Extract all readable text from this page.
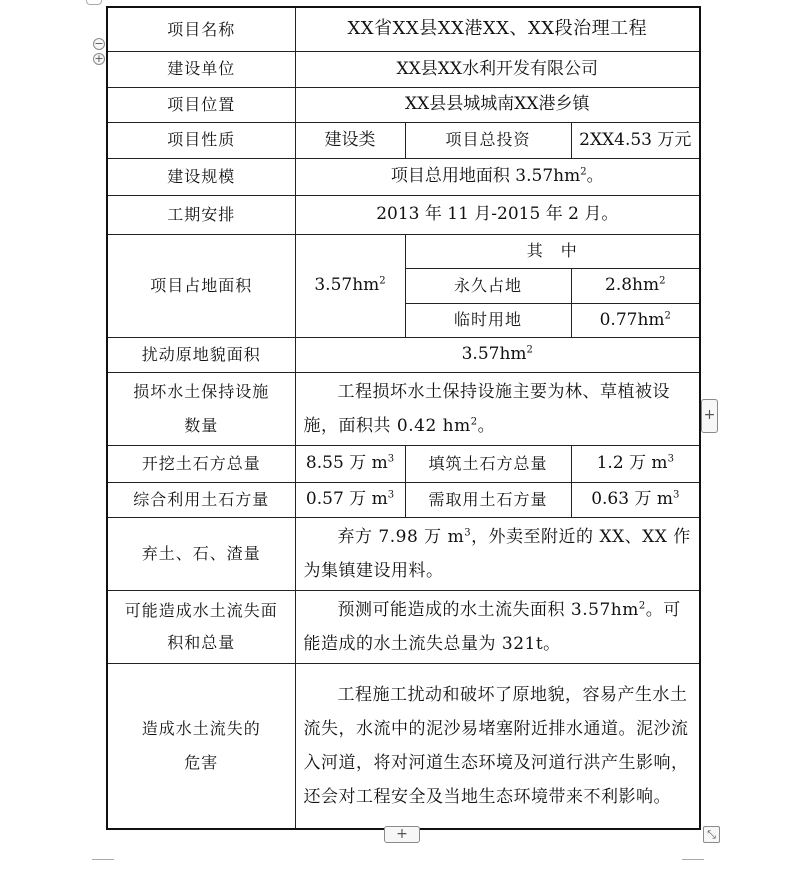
−
+
项目名称	XX省XX县XX港XX、XX段治理工程		
建设单位	XX县XX水利开发有限公司		
项目位置	XX县县城城南XX港乡镇		
项目性质	建设类	项目总投资	2XX4.53 万元
建设规模	项目总用地面积 $3.57hm^2$。		
工期安排	2013 年 11 月-2015 年 2 月。		
项目占地面积	$3.57hm^2$	其　中	
		永久占地	$2.8hm^2$
		临时用地	$0.77hm^2$
扰动原地貌面积	$3.57hm^2$
损坏水土保持设施
数量	工程损坏水土保持设施主要为林、草植被设施，面积共 0.42 $hm^2$。		
开挖土石方总量	8.55 万 $m^3$	填筑土石方总量	1.2 万 $m^3$
综合利用土石方量	0.57 万 $m^3$	需取用土石方量	0.63 万 $m^3$
弃土、石、渣量	弃方 7.98 万 $m^3$，外卖至附近的 XX、XX 作为集镇建设用料。		
可能造成水土流失面
积和总量	预测可能造成的水土流失面积 $3.57hm^2$。可能造成的水土流失总量为 321t。		
造成水土流失的
危害	工程施工扰动和破坏了原地貌，容易产生水土流失，水流中的泥沙易堵塞附近排水通道。泥沙流入河道，将对河道生态环境及河道行洪产生影响，还会对工程安全及当地生态环境带来不利影响。		
+
+	⤡
